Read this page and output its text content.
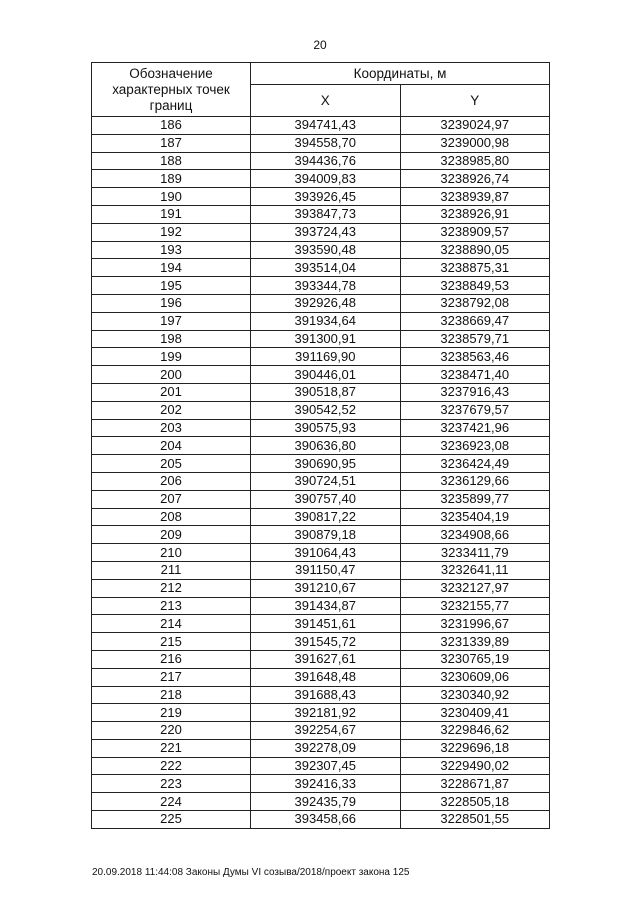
20
Обозначение характерных точек границ	Координаты, м	
	X	Y
186	394741,43	3239024,97
187	394558,70	3239000,98
188	394436,76	3238985,80
189	394009,83	3238926,74
190	393926,45	3238939,87
191	393847,73	3238926,91
192	393724,43	3238909,57
193	393590,48	3238890,05
194	393514,04	3238875,31
195	393344,78	3238849,53
196	392926,48	3238792,08
197	391934,64	3238669,47
198	391300,91	3238579,71
199	391169,90	3238563,46
200	390446,01	3238471,40
201	390518,87	3237916,43
202	390542,52	3237679,57
203	390575,93	3237421,96
204	390636,80	3236923,08
205	390690,95	3236424,49
206	390724,51	3236129,66
207	390757,40	3235899,77
208	390817,22	3235404,19
209	390879,18	3234908,66
210	391064,43	3233411,79
211	391150,47	3232641,11
212	391210,67	3232127,97
213	391434,87	3232155,77
214	391451,61	3231996,67
215	391545,72	3231339,89
216	391627,61	3230765,19
217	391648,48	3230609,06
218	391688,43	3230340,92
219	392181,92	3230409,41
220	392254,67	3229846,62
221	392278,09	3229696,18
222	392307,45	3229490,02
223	392416,33	3228671,87
224	392435,79	3228505,18
225	393458,66	3228501,55
20.09.2018 11:44:08 Законы Думы VI созыва/2018/проект закона 125
